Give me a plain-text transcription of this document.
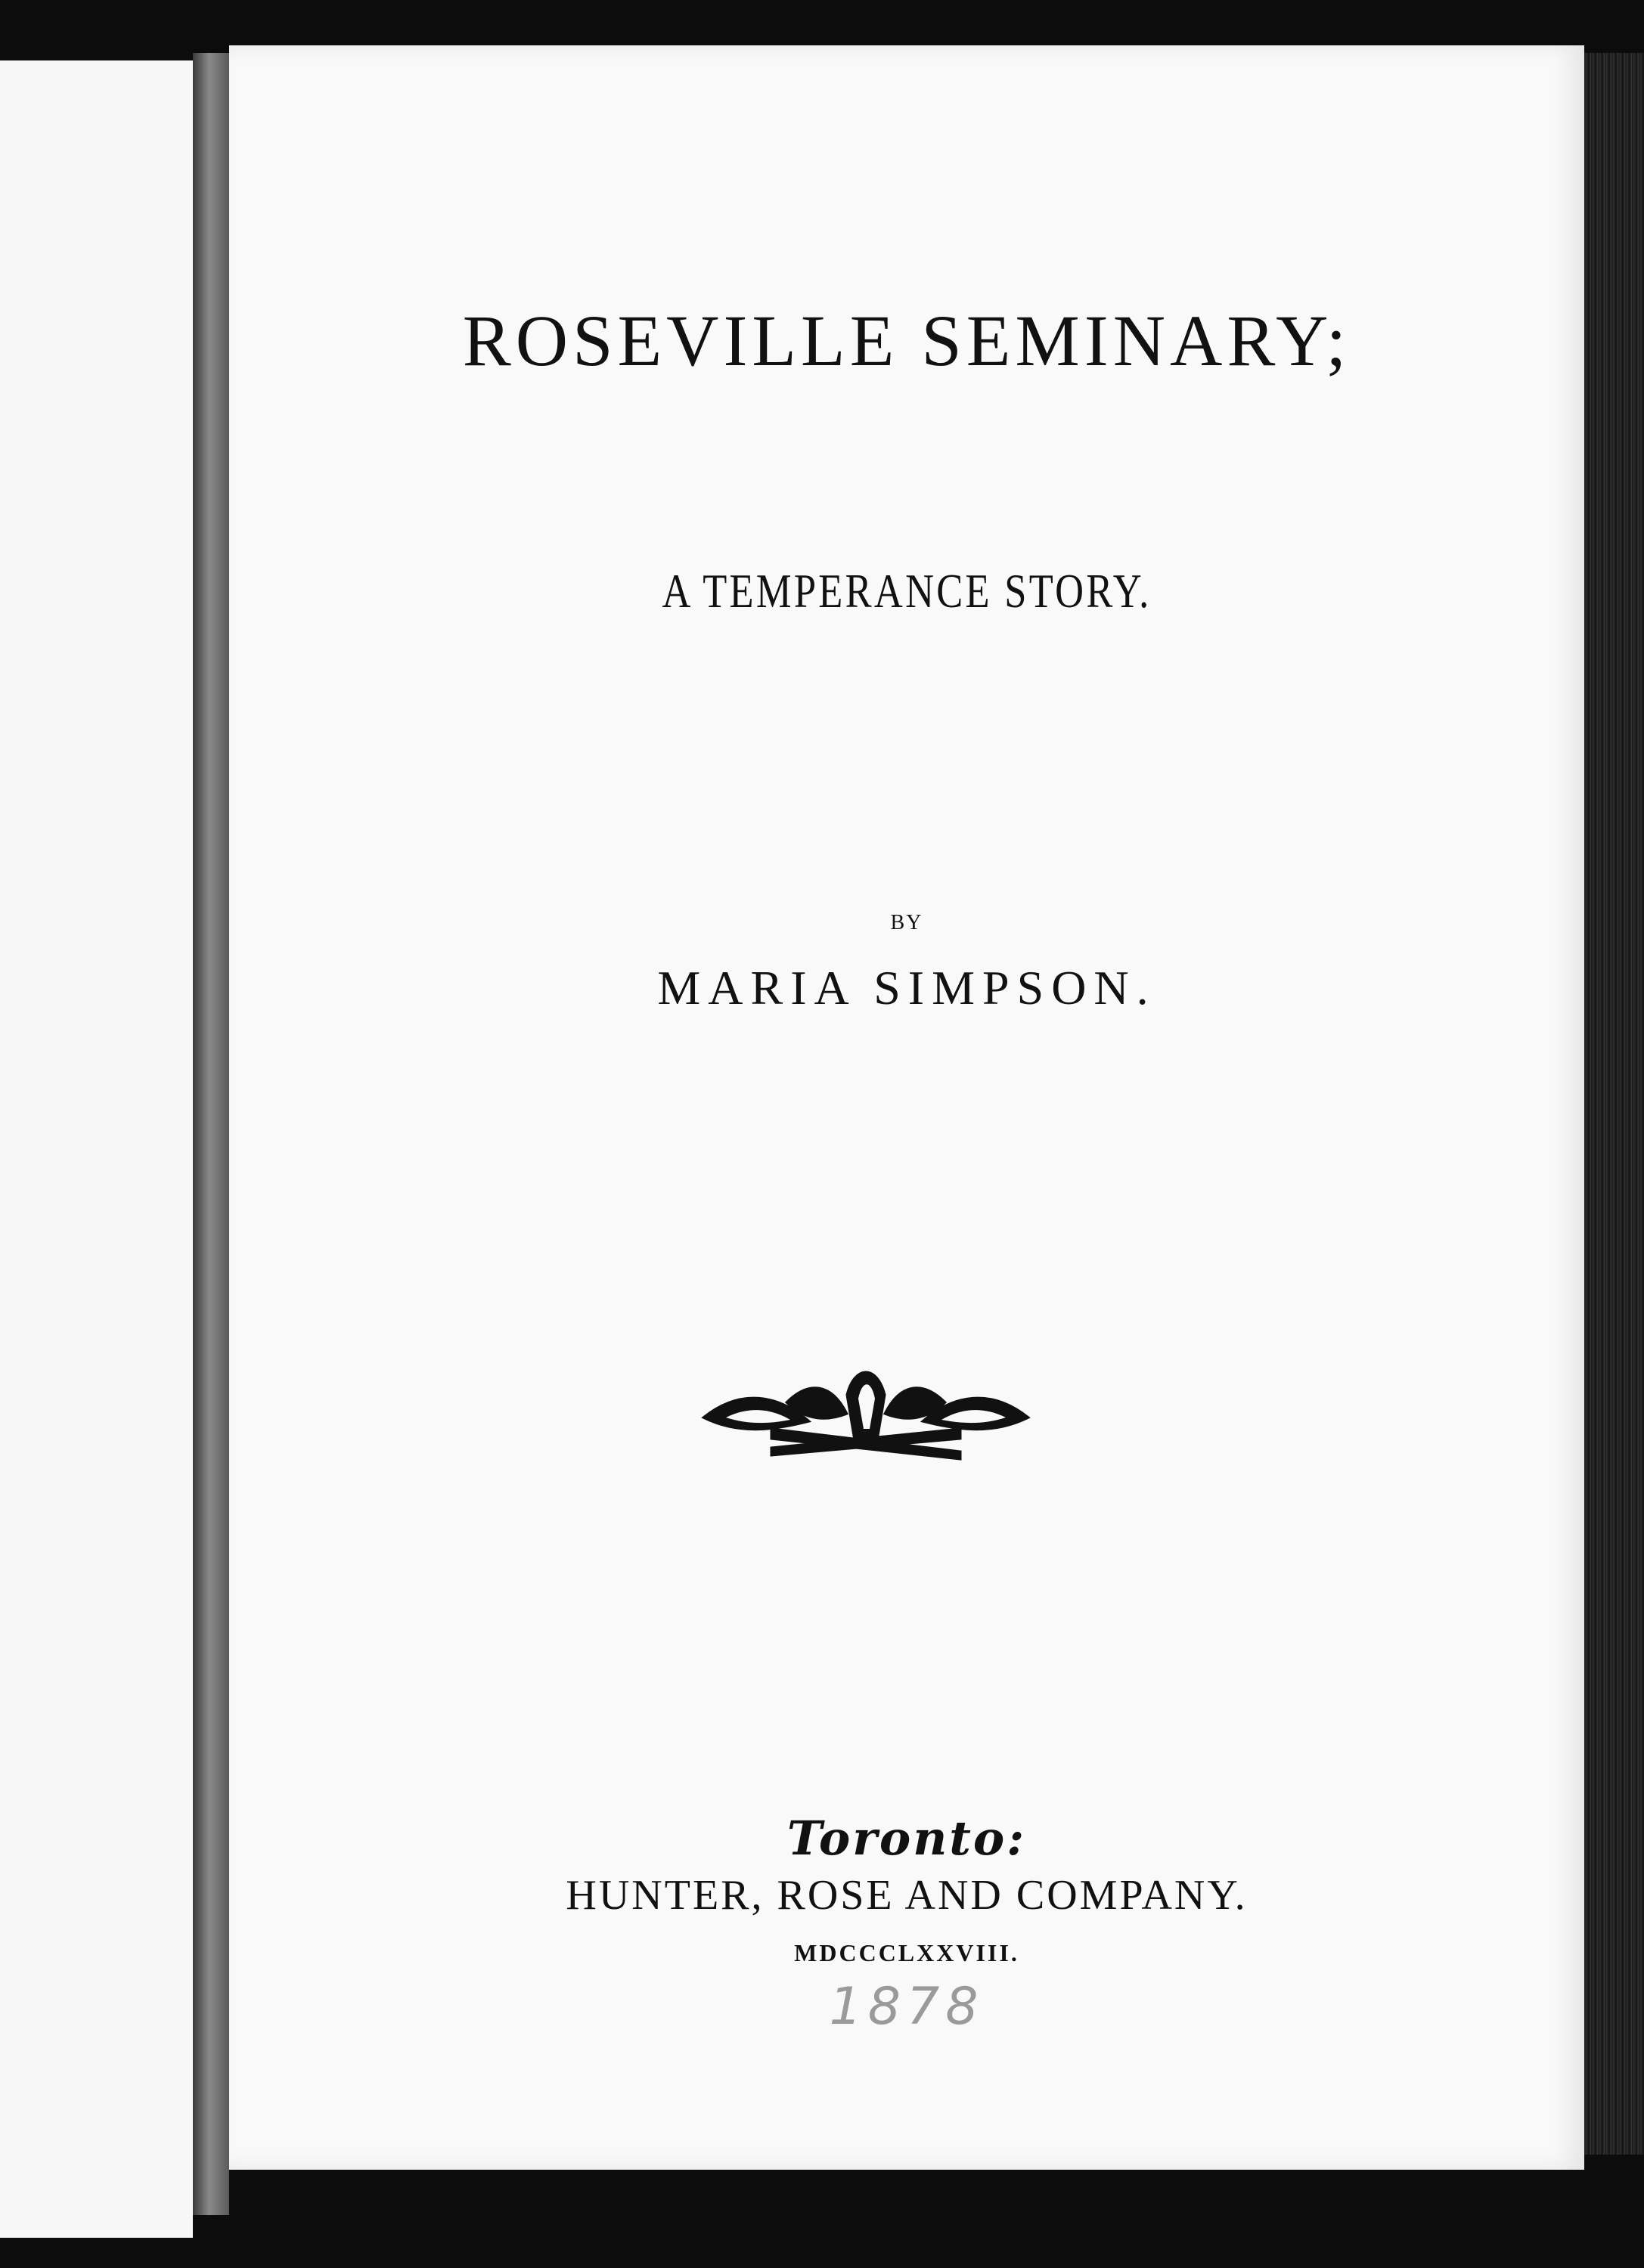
ROSEVILLE SEMINARY;
A TEMPERANCE STORY.
BY
MARIA SIMPSON.
Toronto:
HUNTER, ROSE AND COMPANY.
MDCCCLXXVIII.
1878
